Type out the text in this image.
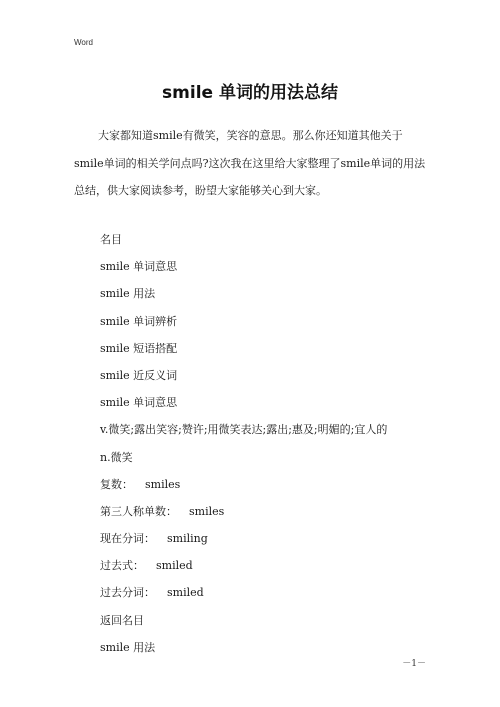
Word
smile 单词的用法总结

大家都知道smile有微笑，笑容的意思。那么你还知道其他关于smile单词的相关学问点吗?这次我在这里给大家整理了smile单词的用法总结，供大家阅读参考，盼望大家能够关心到大家。

名目
smile 单词意思
smile 用法
smile 单词辨析
smile 短语搭配
smile 近反义词
smile 单词意思
v.微笑;露出笑容;赞许;用微笑表达;露出;惠及;明媚的;宜人的
n.微笑
复数： smiles
第三人称单数： smiles
现在分词： smiling
过去式： smiled
过去分词： smiled
返回名目
smile 用法
－1－
